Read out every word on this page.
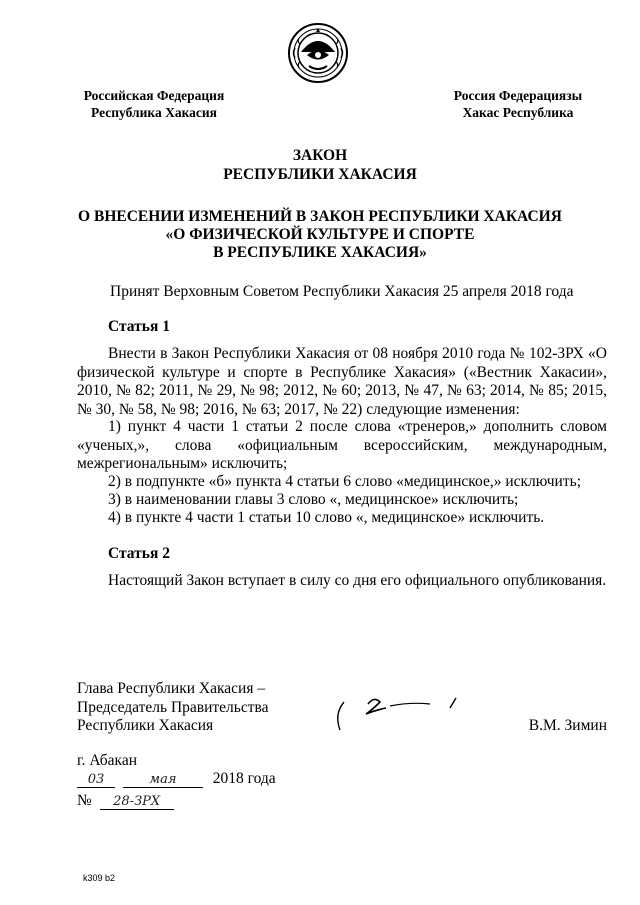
Российская Федерация
Республика Хакасия
Россия Федерациязы
Хакас Республика
ЗАКОН
РЕСПУБЛИКИ ХАКАСИЯ
О ВНЕСЕНИИ ИЗМЕНЕНИЙ В ЗАКОН РЕСПУБЛИКИ ХАКАСИЯ
«О ФИЗИЧЕСКОЙ КУЛЬТУРЕ И СПОРТЕ
В РЕСПУБЛИКЕ ХАКАСИЯ»
Принят Верховным Советом Республики Хакасия 25 апреля 2018 года
Статья 1
Внести в Закон Республики Хакасия от 08 ноября 2010 года № 102-ЗРХ «О физической культуре и спорте в Республике Хакасия» («Вестник Хакасии», 2010, № 82; 2011, № 29, № 98; 2012, № 60; 2013, № 47, № 63; 2014, № 85; 2015, № 30, № 58, № 98; 2016, № 63; 2017, № 22) следующие изменения:
1) пункт 4 части 1 статьи 2 после слова «тренеров,» дополнить словом «ученых,», слова «официальным всероссийским, международным, межрегиональным» исключить;
2) в подпункте «б» пункта 4 статьи 6 слово «медицинское,» исключить;
3) в наименовании главы 3 слово «, медицинское» исключить;
4) в пункте 4 части 1 статьи 10 слово «, медицинское» исключить.
Статья 2
Настоящий Закон вступает в силу со дня его официального опубликования.
Глава Республики Хакасия –
Председатель Правительства
Республики Хакасия	В.М. Зимин
г. Абакан
03	мая 2018 года
№ 28-ЗРХ
k309 b2
